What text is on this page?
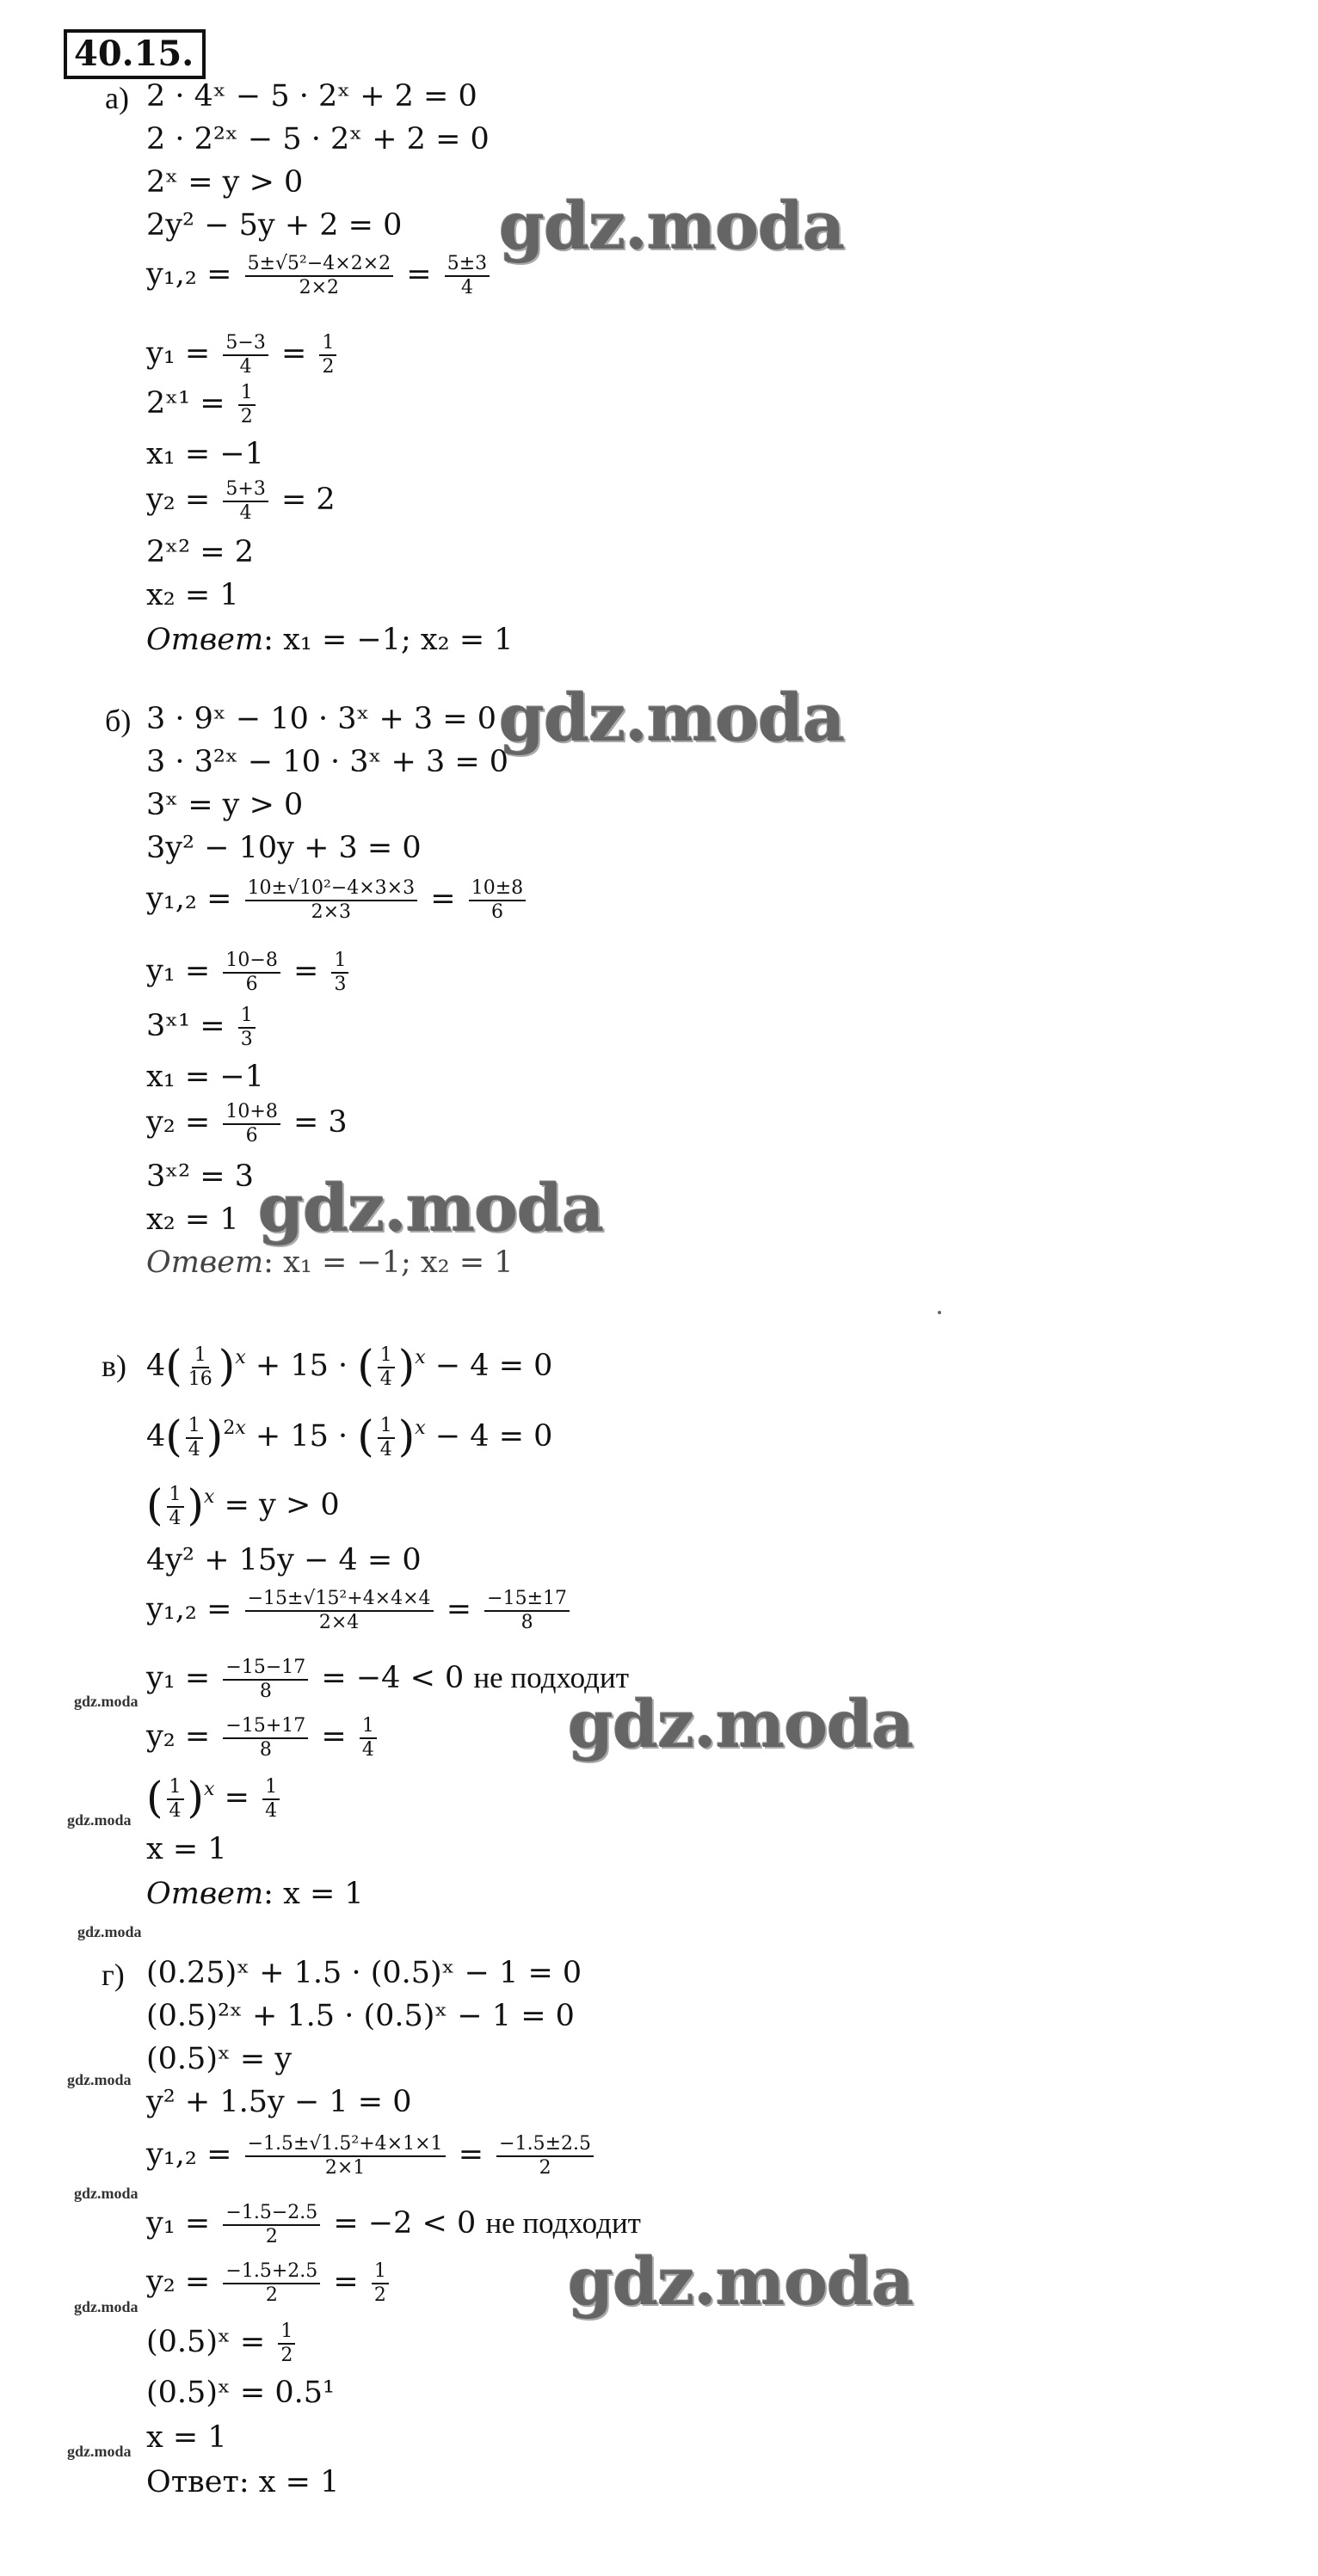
40.15.
а) 2 · 4ˣ − 5 · 2ˣ + 2 = 0
2 · 2²ˣ − 5 · 2ˣ + 2 = 0
2ˣ = y > 0
2y² − 5y + 2 = 0
$y_1,_2 = \frac{\text{5±√5²−4×2×2}}{2\times 2} = \frac{5\pm 3}{4}$
$y_1 = \frac{5-3}{4} = \frac{1}{2}$
2ˣ¹ = $\frac{1}{2}$
x₁ = −1
$y_2 = \frac{5+3}{4} = 2$
2ˣ² = 2
x₂ = 1
Ответ: x₁ = −1; x₂ = 1
б) 3 · 9ˣ − 10 · 3ˣ + 3 = 0
3 · 3²ˣ − 10 · 3ˣ + 3 = 0
3ˣ = y > 0
3y² − 10y + 3 = 0
$y_1,_2 = \frac{\text{10±√10²−4×3×3}}{2\times 3} = \frac{10\pm 8}{6}$
$y_1 = \frac{10-8}{6} = \frac{1}{3}$
3ˣ¹ = $\frac{1}{3}$
x₁ = −1
$y_2 = \frac{10+8}{6} = 3$
3ˣ² = 3
x₂ = 1
Ответ: x₁ = −1; x₂ = 1
в) $4( \frac{1}{16} )^x + 15$ · ( $\frac{1}{4} )^x - 4 = 0$
$4( \frac{1}{4} )^{2x} + 15$ · ( $\frac{1}{4} )^x - 4 = 0$
( $\frac{1}{4} )^x = y > 0$
4y² + 15y − 4 = 0
$y_1,_2 = \frac{\text{−15±√15²+4×4×4}}{2\times 4} = \frac{-15\pm 17}{8}$
$y_1 = \frac{-15-17}{8} = -4 < 0$ не подходит
$y_2 = \frac{-15+17}{8} = \frac{1}{4}$
( $\frac{1}{4} )^x = \frac{1}{4}$
x = 1
Ответ: x = 1
г) (0.25)ˣ + 1.5 · (0.5)ˣ − 1 = 0
(0.5)²ˣ + 1.5 · (0.5)ˣ − 1 = 0
(0.5)ˣ = y
y² + 1.5y − 1 = 0
$y_1,_2 = \frac{\text{−1.5±√1.5²+4×1×1}}{2\times 1} = \frac{-1.5\pm 2.5}{2}$
$y_1 = \frac{-1.5-2.5}{2} = -2 < 0$ не подходит
$y_2 = \frac{-1.5+2.5}{2} = \frac{1}{2}$
(0.5)ˣ = $\frac{1}{2}$
(0.5)ˣ = 0.5¹
x = 1
Ответ: x = 1
gdz.moda
gdz.moda
gdz.moda
gdz.moda
gdz.moda
gdz.moda
gdz.moda
gdz.moda
gdz.moda
gdz.moda
gdz.moda
gdz.moda
